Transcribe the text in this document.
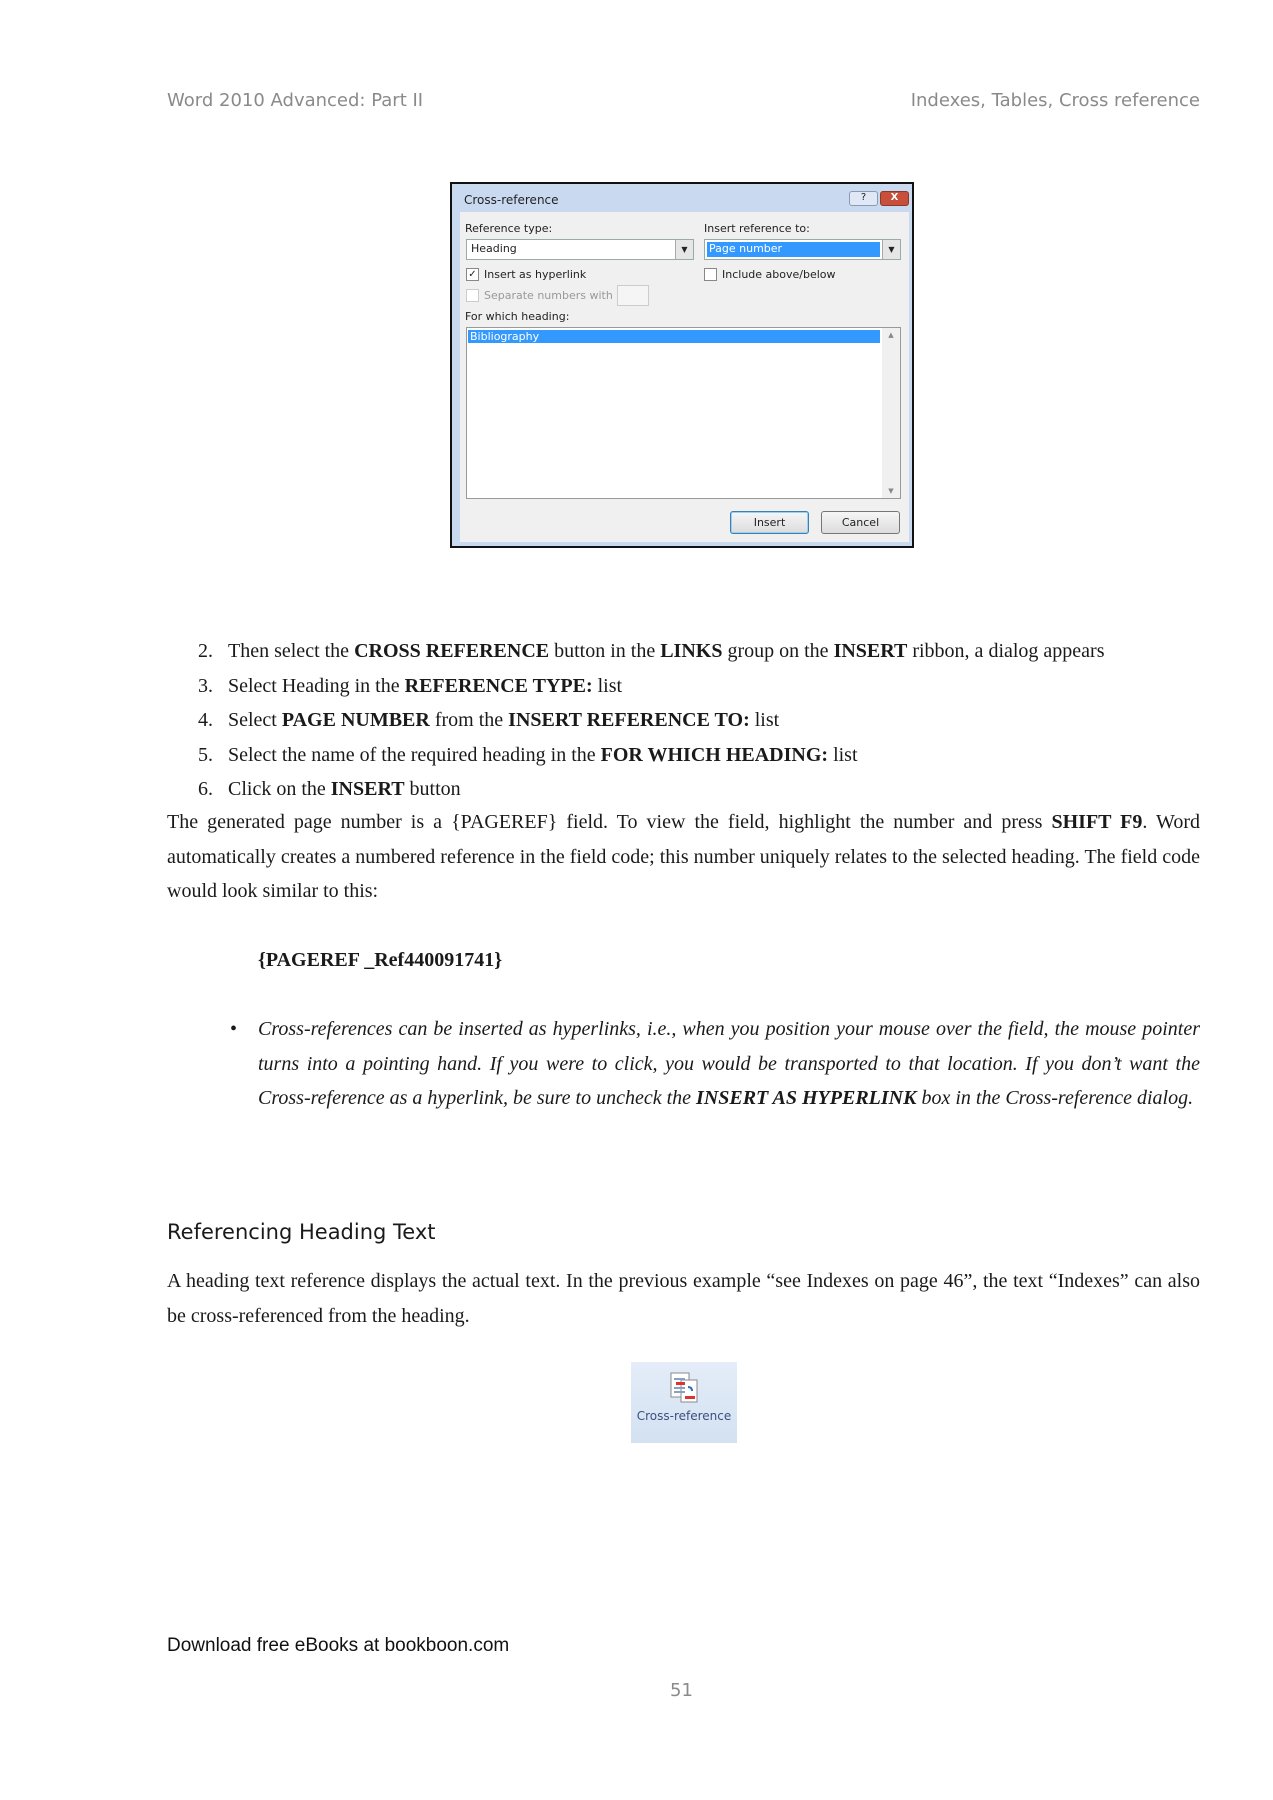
Word 2010 Advanced: Part II	Indexes, Tables, Cross reference
Cross-reference	?	X
Reference type:
Heading	▼
Insert reference to:
Page number	▼
✓ Insert as hyperlink	Include above/below
Separate numbers with
For which heading:
Bibliography	▲
▼
Insert	Cancel
2. Then select the CROSS REFERENCE button in the LINKS group on the INSERT ribbon, a dialog appears
3. Select Heading in the REFERENCE TYPE: list
4. Select PAGE NUMBER from the INSERT REFERENCE TO: list
5. Select the name of the required heading in the FOR WHICH HEADING: list
6. Click on the INSERT button
The generated page number is a {PAGEREF} field. To view the field, highlight the number and press SHIFT F9. Word automatically creates a numbered reference in the field code; this number uniquely relates to the selected heading. The field code would look similar to this:
{PAGEREF _Ref440091741}
• Cross-references can be inserted as hyperlinks, i.e., when you position your mouse over the field, the mouse pointer turns into a pointing hand. If you were to click, you would be transported to that location. If you don’t want the Cross-reference as a hyperlink, be sure to uncheck the INSERT AS HYPERLINK box in the Cross-reference dialog.
Referencing Heading Text
A heading text reference displays the actual text. In the previous example “see Indexes on page 46”, the text “Indexes” can also be cross-referenced from the heading.
Cross-reference
Download free eBooks at bookboon.com
51
